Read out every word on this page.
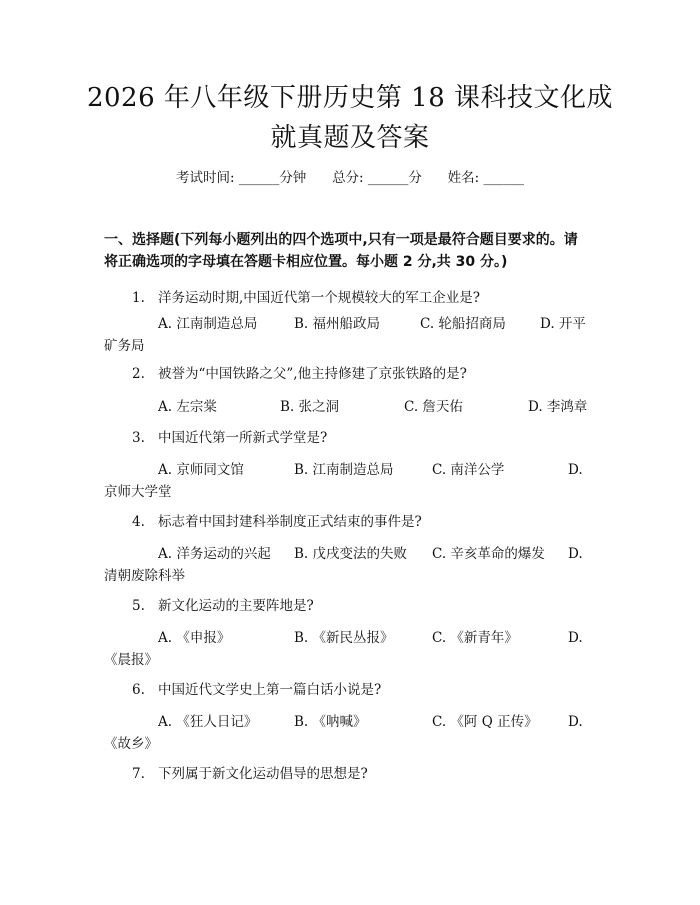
2026 年八年级下册历史第 18 课科技文化成
就真题及答案
考试时间: ______分钟 总分: ______分 姓名: ______
一、选择题(下列每小题列出的四个选项中,只有一项是最符合题目要求的。请
将正确选项的字母填在答题卡相应位置。每小题 2 分,共 30 分。)
1. 洋务运动时期,中国近代第一个规模较大的军工企业是?
A. 江南制造总局	B. 福州船政局	C. 轮船招商局	D. 开平
矿务局
2. 被誉为“中国铁路之父”,他主持修建了京张铁路的是?
A. 左宗棠	B. 张之洞	C. 詹天佑	D. 李鸿章
3. 中国近代第一所新式学堂是?
A. 京师同文馆	B. 江南制造总局	C. 南洋公学	D.
京师大学堂
4. 标志着中国封建科举制度正式结束的事件是?
A. 洋务运动的兴起 B. 戊戌变法的失败 C. 辛亥革命的爆发 D.
清朝废除科举
5. 新文化运动的主要阵地是?
A. 《申报》	B. 《新民丛报》	C. 《新青年》	D.
《晨报》
6. 中国近代文学史上第一篇白话小说是?
A. 《狂人日记》	B. 《呐喊》	C. 《阿 Q 正传》 D.
《故乡》
7. 下列属于新文化运动倡导的思想是?
